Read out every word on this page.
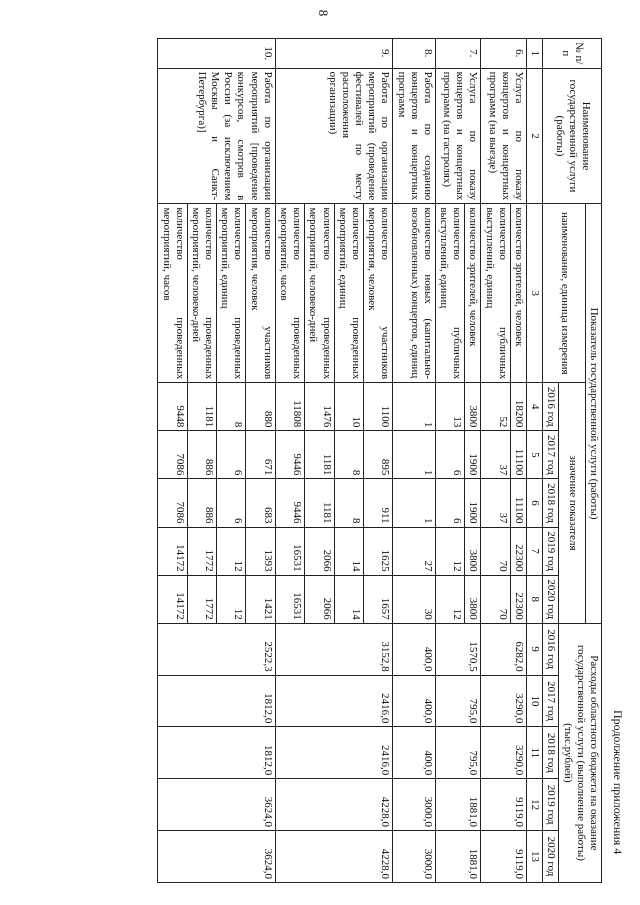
8
Продолжение приложения 4
№ п/п	Наименование государственной услуги (работы)	Показатель государственной услуги (работы)						Расходы областного бюджета на оказание государственной услуги (выполнение работы) (тыс.рублей)				
		наименование, единица измерения	значение показателя									
			2016 год	2017 год	2018 год	2019 год	2020 год	2016 год	2017 год	2018 год	2019 год	2020 год
1	2	3	4	5	6	7	8	9	10	11	12	13
6.	Услуга по показу концертов и концертных программ (на выезде)	количество зрителей, человек	18200	11100	11100	22300	22300	6282,0	3290,0	3290,0	9119,0	9119,0
		количество публичных выступлений, единиц	52	37	37	70	70					
7.	Услуга по показу концертов и концертных программ (на гастролях)	количество зрителей, человек	3800	1900	1900	3800	3800	1570,5	795,0	795,0	1881,0	1881,0
		количество публичных выступлений, единиц	13	6	6	12	12					
8.	Работа по созданию концертов и концертных программ	количество новых (капитально-возобновленных) концертов, единиц	1	1	1	27	30	400,0	400,0	400,0	3000,0	3000,0
9.	Работа по организации мероприятий (проведение фестивалей по месту расположения организации)	количество участников мероприятия, человек	1100	895	911	1625	1657	3152,8	2416,0	2416,0	4228,0	4228,0
		количество проведенных мероприятий, единиц	10	8	8	14	14					
		количество проведенных мероприятий, человеко-дней	1476	1181	1181	2066	2066					
		количество проведенных мероприятий, часов	11808	9446	9446	16531	16531					
10.	Работа по организации мероприятий [проведение конкурсов, смотров в России (за исключением Москвы и Санкт-Петербурга)]	количество участников мероприятия, человек	880	671	683	1393	1421	2522,3	1812,0	1812,0	3624,0	3624,0
		количество проведенных мероприятий, единиц	8	6	6	12	12					
		количество проведенных мероприятий, человеко-дней	1181	886	886	1772	1772					
		количество проведенных мероприятий, часов	9448	7086	7086	14172	14172					
